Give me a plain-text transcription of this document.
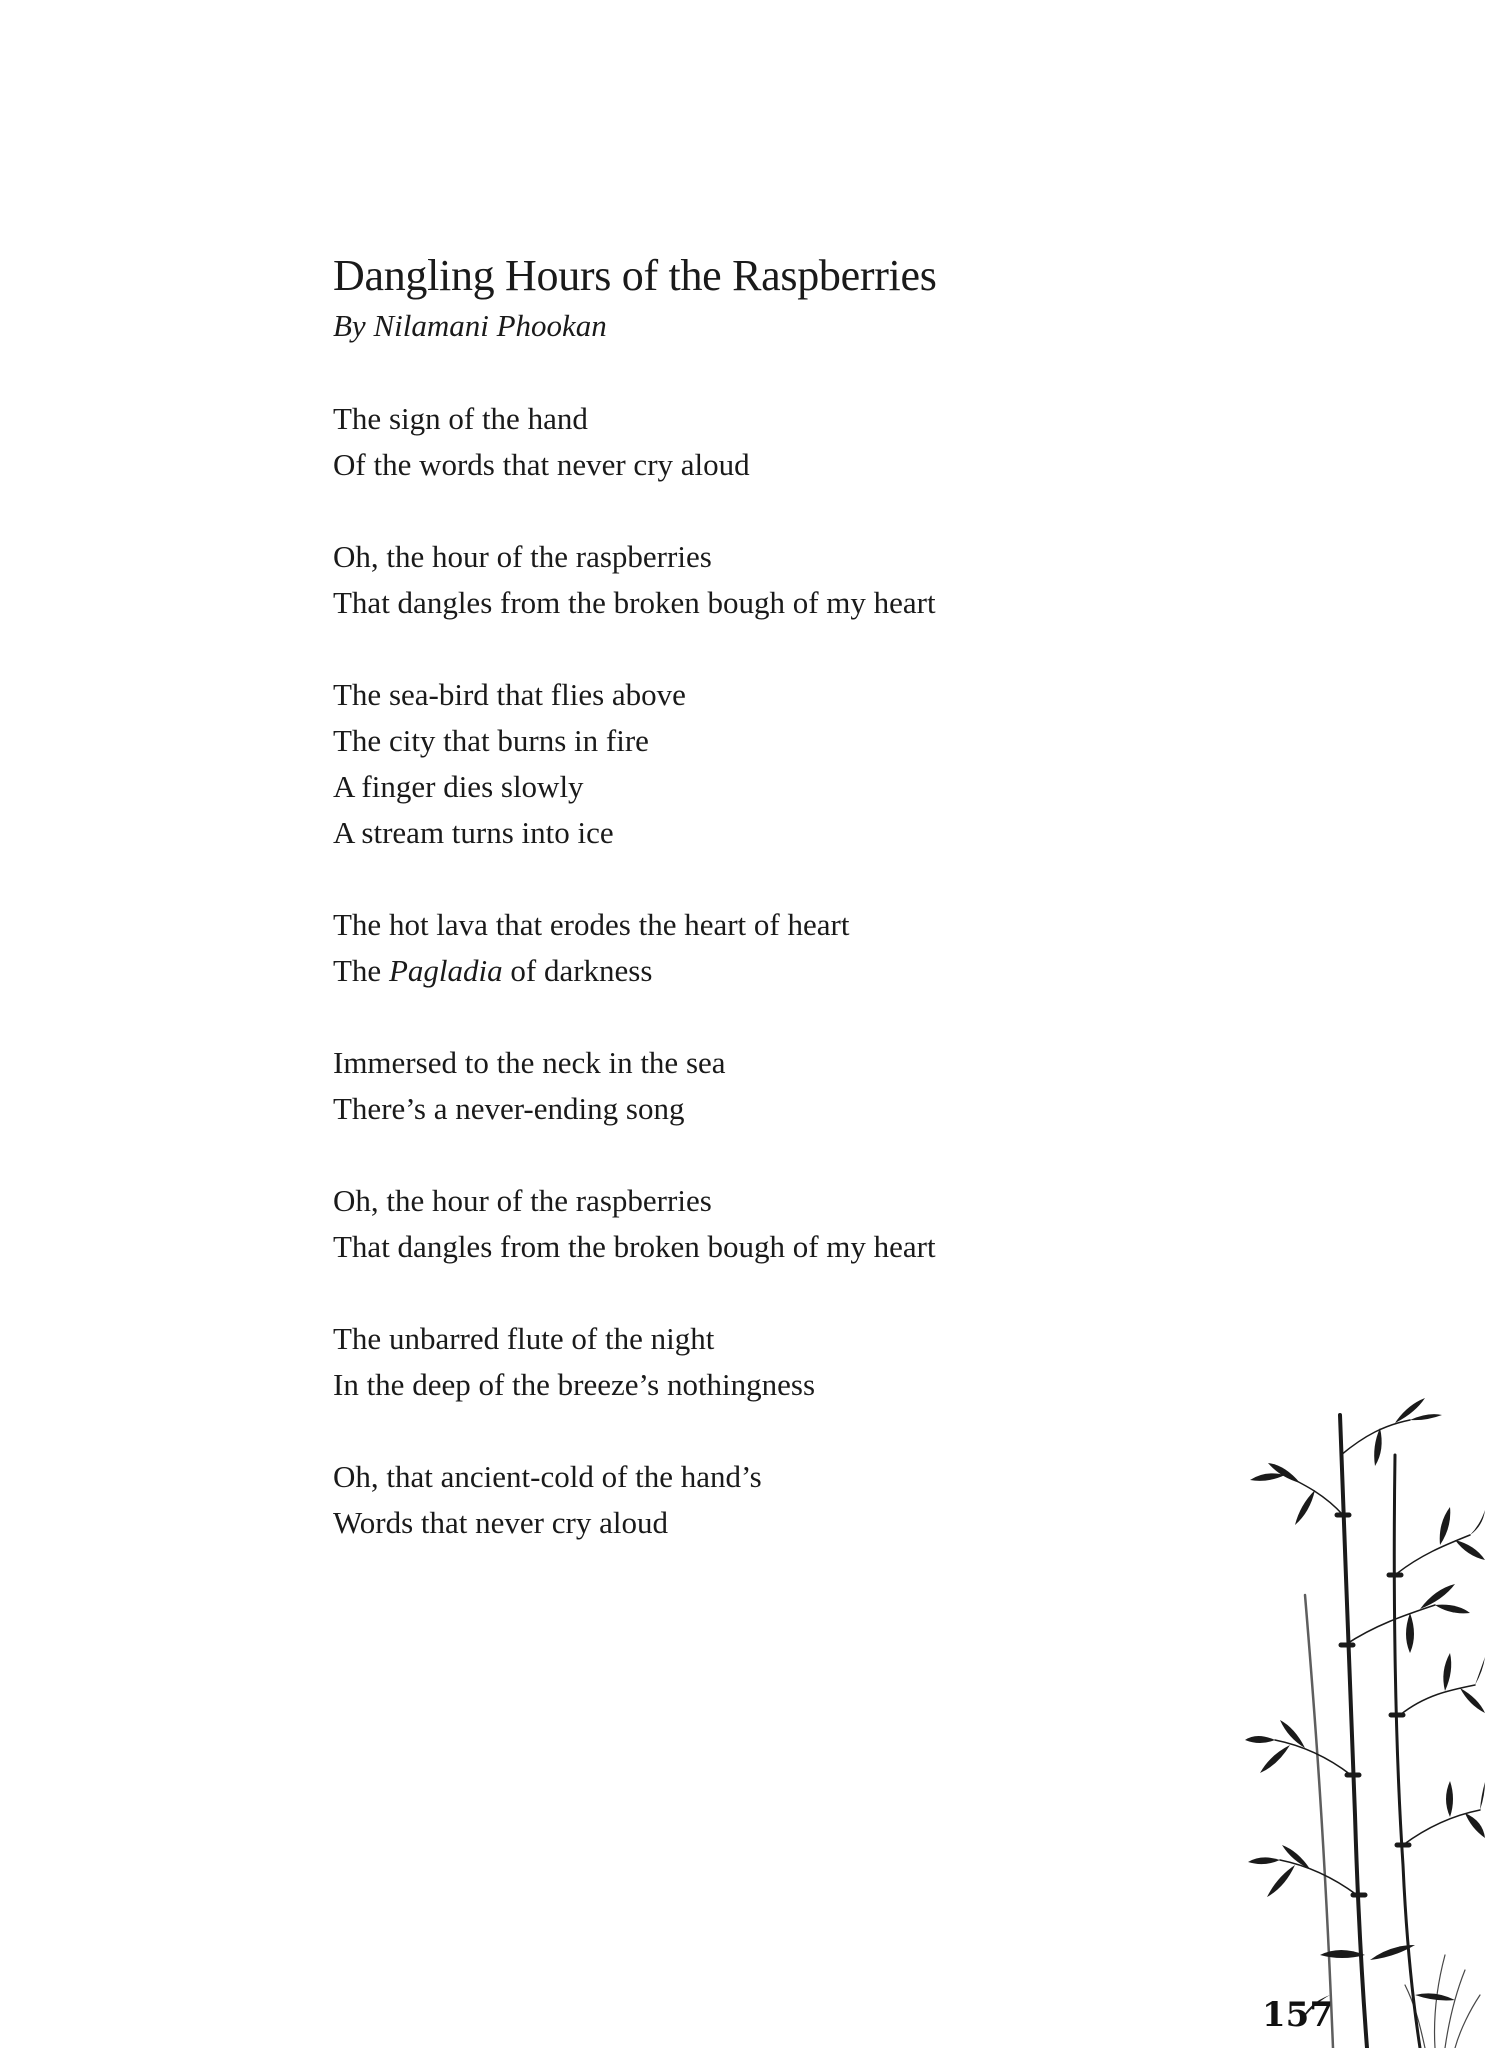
Dangling Hours of the Raspberries
By Nilamani Phookan
The sign of the hand
Of the words that never cry aloud
Oh, the hour of the raspberries
That dangles from the broken bough of my heart
The sea-bird that flies above
The city that burns in fire
A finger dies slowly
A stream turns into ice
The hot lava that erodes the heart of heart
The Pagladia of darkness
Immersed to the neck in the sea
There’s a never-ending song
Oh, the hour of the raspberries
That dangles from the broken bough of my heart
The unbarred flute of the night
In the deep of the breeze’s nothingness
Oh, that ancient-cold of the hand’s
Words that never cry aloud
157
